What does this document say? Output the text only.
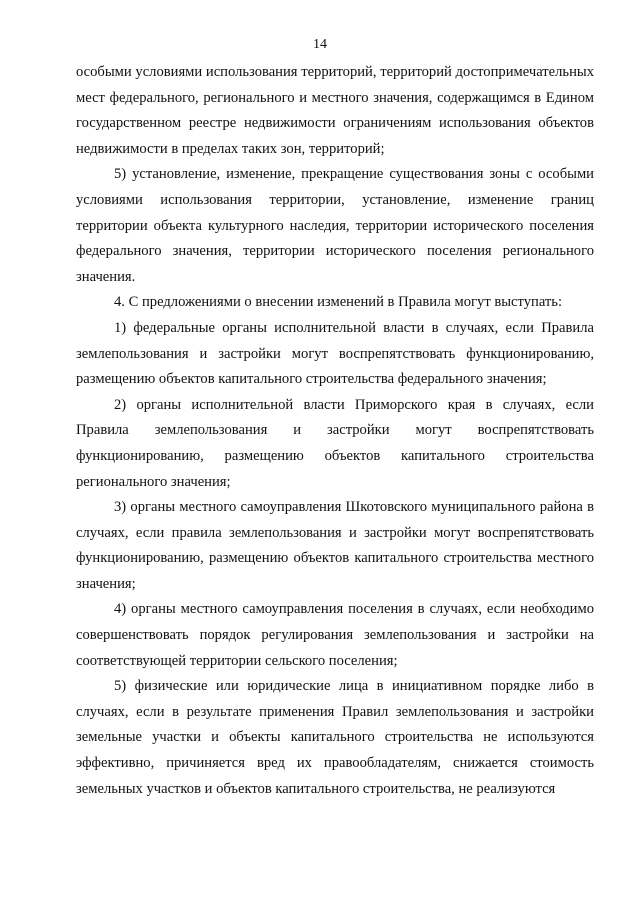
14

особыми условиями использования территорий, территорий достопримечательных мест федерального, регионального и местного значения, содержащимся в Едином государственном реестре недвижимости ограничениям использования объектов недвижимости в пределах таких зон, территорий;

5) установление, изменение, прекращение существования зоны с особыми условиями использования территории, установление, изменение границ территории объекта культурного наследия, территории исторического поселения федерального значения, территории исторического поселения регионального значения.

4. С предложениями о внесении изменений в Правила могут выступать:

1) федеральные органы исполнительной власти в случаях, если Правила землепользования и застройки могут воспрепятствовать функционированию, размещению объектов капитального строительства федерального значения;

2) органы исполнительной власти Приморского края в случаях, если Правила землепользования и застройки могут воспрепятствовать функционированию, размещению объектов капитального строительства регионального значения;

3) органы местного самоуправления Шкотовского муниципального района в случаях, если правила землепользования и застройки могут воспрепятствовать функционированию, размещению объектов капитального строительства местного значения;

4) органы местного самоуправления поселения в случаях, если необходимо совершенствовать порядок регулирования землепользования и застройки на соответствующей территории сельского поселения;

5) физические или юридические лица в инициативном порядке либо в случаях, если в результате применения Правил землепользования и застройки земельные участки и объекты капитального строительства не используются эффективно, причиняется вред их правообладателям, снижается стоимость земельных участков и объектов капитального строительства, не реализуются
